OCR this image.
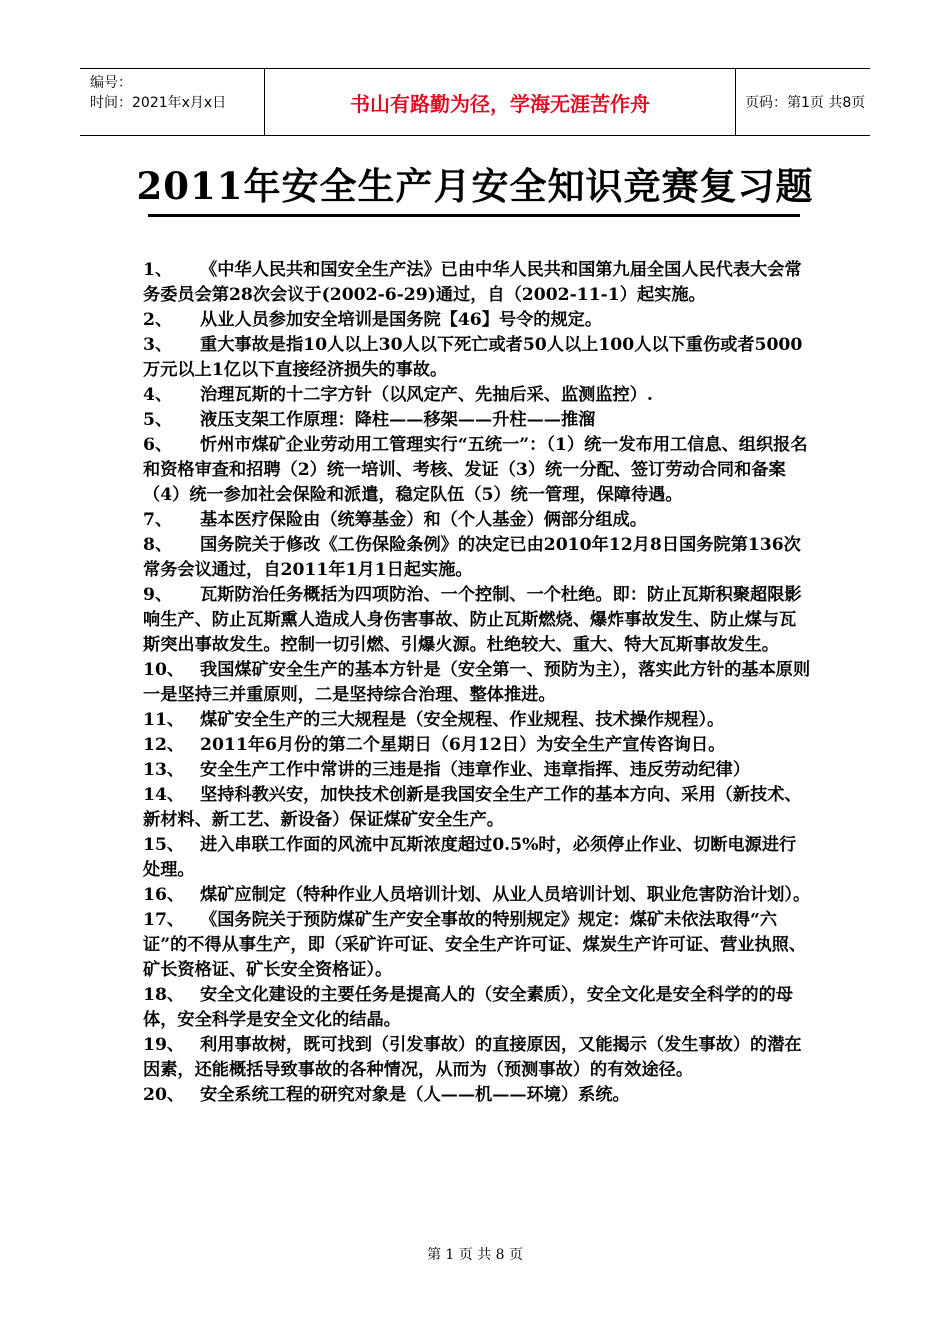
编号：
时间：2021年x月x日	书山有路勤为径，学海无涯苦作舟	页码：第1页 共8页
2011年安全生产月安全知识竞赛复习题
1、 《中华人民共和国安全生产法》已由中华人民共和国第九届全国人民代表大会常务委员会第28次会议于(2002-6-29)通过，自（2002-11-1）起实施。
2、 从业人员参加安全培训是国务院【46】号令的规定。
3、 重大事故是指10人以上30人以下死亡或者50人以上100人以下重伤或者5000万元以上1亿以下直接经济损失的事故。
4、 治理瓦斯的十二字方针（以风定产、先抽后采、监测监控）.
5、 液压支架工作原理：降柱——移架——升柱——推溜
6、 忻州市煤矿企业劳动用工管理实行“五统一”：（1）统一发布用工信息、组织报名和资格审查和招聘（2）统一培训、考核、发证（3）统一分配、签订劳动合同和备案（4）统一参加社会保险和派遣，稳定队伍（5）统一管理，保障待遇。
7、 基本医疗保险由（统筹基金）和（个人基金）俩部分组成。
8、 国务院关于修改《工伤保险条例》的决定已由2010年12月8日国务院第136次常务会议通过，自2011年1月1日起实施。
9、 瓦斯防治任务概括为四项防治、一个控制、一个杜绝。即：防止瓦斯积聚超限影响生产、防止瓦斯熏人造成人身伤害事故、防止瓦斯燃烧、爆炸事故发生、防止煤与瓦斯突出事故发生。控制一切引燃、引爆火源。杜绝较大、重大、特大瓦斯事故发生。
10、 我国煤矿安全生产的基本方针是（安全第一、预防为主），落实此方针的基本原则一是坚持三并重原则，二是坚持综合治理、整体推进。
11、 煤矿安全生产的三大规程是（安全规程、作业规程、技术操作规程）。
12、 2011年6月份的第二个星期日（6月12日）为安全生产宣传咨询日。
13、 安全生产工作中常讲的三违是指（违章作业、违章指挥、违反劳动纪律）
14、 坚持科教兴安，加快技术创新是我国安全生产工作的基本方向、采用（新技术、新材料、新工艺、新设备）保证煤矿安全生产。
15、 进入串联工作面的风流中瓦斯浓度超过0.5%时，必须停止作业、切断电源进行处理。
16、 煤矿应制定（特种作业人员培训计划、从业人员培训计划、职业危害防治计划）。
17、 《国务院关于预防煤矿生产安全事故的特别规定》规定：煤矿未依法取得“六证”的不得从事生产，即（采矿许可证、安全生产许可证、煤炭生产许可证、营业执照、矿长资格证、矿长安全资格证）。
18、 安全文化建设的主要任务是提高人的（安全素质），安全文化是安全科学的的母体，安全科学是安全文化的结晶。
19、 利用事故树，既可找到（引发事故）的直接原因，又能揭示（发生事故）的潜在因素，还能概括导致事故的各种情况，从而为（预测事故）的有效途径。
20、 安全系统工程的研究对象是（人——机——环境）系统。
第 1 页 共 8 页
